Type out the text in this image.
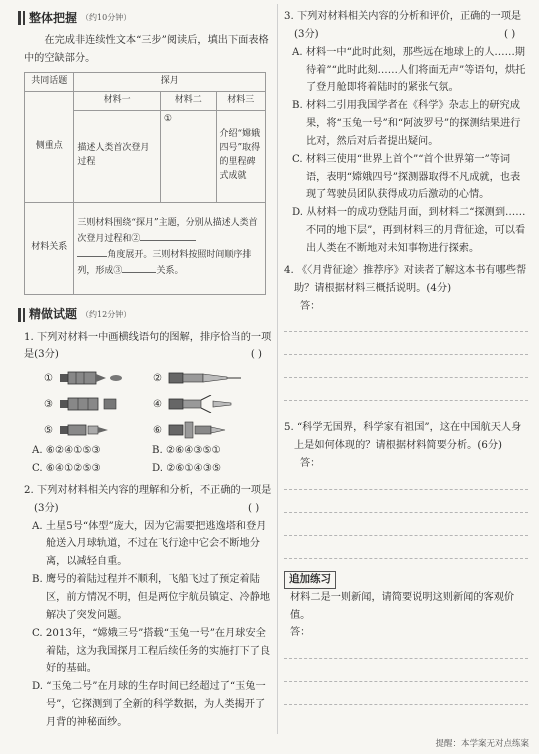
整体把握 （约10分钟）

在完成非连续性文本“三步”阅读后，填出下面表格中的空缺部分。

共同话题	探月		
侧重点	材料一	材料二	材料三
	描述人类首次登月过程	①	介绍“嫦娥四号”取得的里程碑式成就
材料关系	三则材料围绕“探月”主题，分别从描述人类首次登月过程和②
角度展开。三则材料按照时间顺序排列，形成③ 关系。		
精做试题 （约12分钟）
1. 下列对材料一中画横线语句的图解，排序恰当的一项是(3分)	( )
①	②
③	④
⑤	⑥
A. ⑥②④①⑤③	B. ②⑥④③⑤①
C. ⑥④①②⑤③	D. ②⑥①④③⑤
2. 下列对材料相关内容的理解和分析，不正确的一项是(3分)	( )
A. 土星5号“体型”庞大，因为它需要把逃逸塔和登月舱送入月球轨道，不过在飞行途中它会不断地分离，以减轻自重。
B. 鹰号的着陆过程并不顺利，飞船飞过了预定着陆区，前方情况不明，但是两位宇航员镇定、冷静地解决了突发问题。
C. 2013年，“嫦娥三号”搭载“玉兔一号”在月球安全着陆，这为我国探月工程后续任务的实施打下了良好的基础。
D. “玉兔二号”在月球的生存时间已经超过了“玉兔一号”，它探测到了全新的科学数据，为人类揭开了月背的神秘面纱。
3. 下列对材料相关内容的分析和评价，正确的一项是(3分)	( )
A. 材料一中“此时此刻，那些远在地球上的人……期待着”“此时此刻……人们将面无声”等语句，烘托了登月舱即将着陆时的紧张气氛。
B. 材料二引用我国学者在《科学》杂志上的研究成果，将“玉兔一号”和“阿波罗号”的探测结果进行比对，然后对后者提出疑问。
C. 材料三使用“世界上首个”“首个世界第一”等词语，表明“嫦娥四号”探测器取得不凡成就，也表现了驾驶员团队获得成功后激动的心情。
D. 从材料一的成功登陆月面，到材料二“探测到……不同的地下层”，再到材料三的月背征途，可以看出人类在不断地对未知事物进行探索。
4. 《〈月背征途〉推荐序》对读者了解这本书有哪些帮助？请根据材料三概括说明。(4分)
答：
5. “科学无国界，科学家有祖国”，这在中国航天人身上是如何体现的？请根据材料简要分析。(6分)
答：
追加练习
材料二是一则新闻，请简要说明这则新闻的客观价值。
答：
提醒：本学案无对点练案
